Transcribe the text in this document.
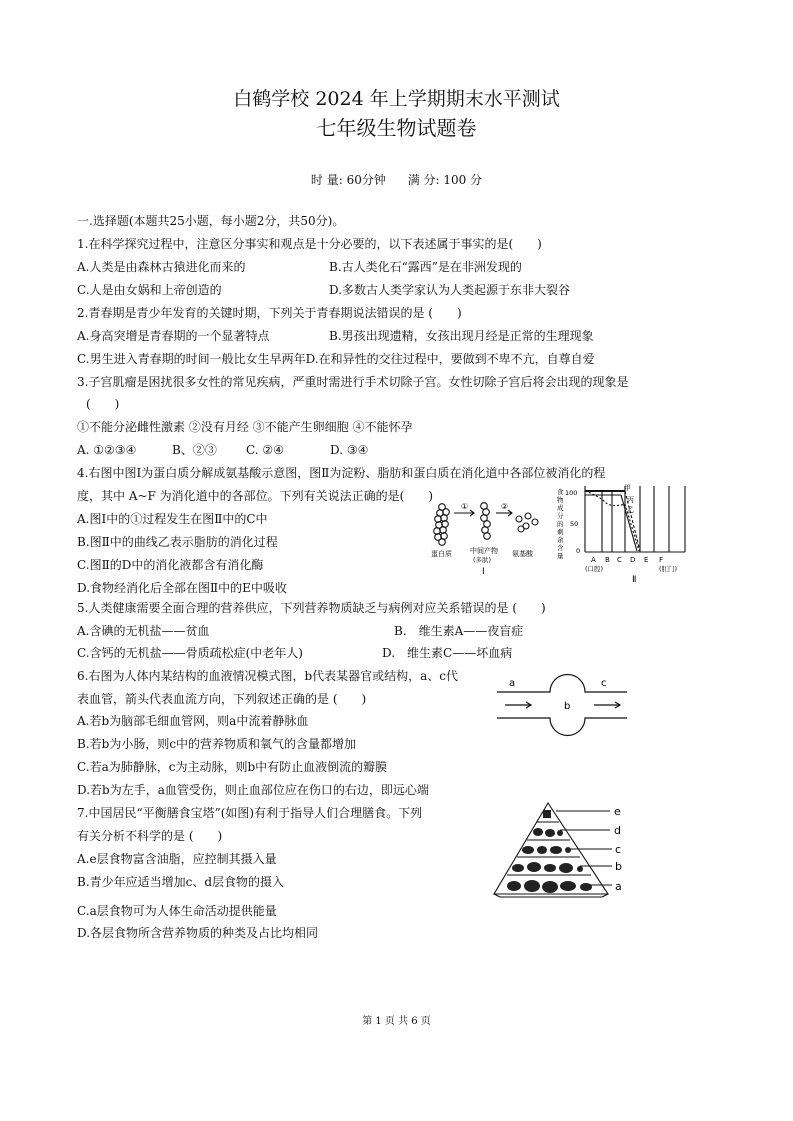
白鹤学校 2024 年上学期期末水平测试
七年级生物试题卷
时 量: 60分钟 满 分: 100 分
一.选择题(本题共25小题，每小题2分，共50分)。
1.在科学探究过程中，注意区分事实和观点是十分必要的，以下表述属于事实的是(　　)
A.人类是由森林古猿进化而来的	B.古人类化石“露西”是在非洲发现的
C.人是由女娲和上帝创造的	D.多数古人类学家认为人类起源于东非大裂谷
2.青春期是青少年发育的关键时期，下列关于青春期说法错误的是 (　　)
A.身高突增是青春期的一个显著特点	B.男孩出现遗精，女孩出现月经是正常的生理现象
C.男生进入青春期的时间一般比女生早两年D.在和异性的交往过程中，要做到不卑不亢，自尊自爱
3.子宫肌瘤是困扰很多女性的常见疾病，严重时需进行手术切除子宫。女性切除子宫后将会出现的现象是
(　　)
①不能分泌雌性激素 ②没有月经 ③不能产生卵细胞 ④不能怀孕
A. ①②③④	B、②③ C. ②④	D. ③④
4.右图中图Ⅰ为蛋白质分解成氨基酸示意图，图Ⅱ为淀粉、脂肪和蛋白质在消化道中各部位被消化的程
度，其中 A~F 为消化道中的各部位。下列有关说法正确的是(　　)
A.图Ⅰ中的①过程发生在图Ⅱ中的C中
B.图Ⅱ中的曲线乙表示脂肪的消化过程
C.图Ⅱ的D中的消化液都含有消化酶
D.食物经消化后全部在图Ⅱ中的E中吸收
①	②
蛋白质	中间产物
(多肽)
氨基酸
Ⅰ
食
物
成
分
的
剩
余
含
量
100
50
0
甲
乙
丙
A B C D E F
(口腔)	(肛门)
Ⅱ
5.人类健康需要全面合理的营养供应，下列营养物质缺乏与病例对应关系错误的是 (　　)
A.含碘的无机盐——贫血	B.　维生素A——夜盲症
C.含钙的无机盐——骨质疏松症(中老年人)	D.　维生素C——坏血病
6.右图为人体内某结构的血液情况模式图，b代表某器官或结构，a、c代
表血管，箭头代表血流方向，下列叙述正确的是 (　　)
A.若b为脑部毛细血管网，则a中流着静脉血
B.若b为小肠，则c中的营养物质和氧气的含量都增加
C.若a为肺静脉，c为主动脉，则b中有防止血液倒流的瓣膜
D.若b为左手，a血管受伤，则止血部位应在伤口的右边，即远心端
a
b
c
7.中国居民“平衡膳食宝塔”(如图)有利于指导人们合理膳食。下列
有关分析不科学的是 (　　)
A.e层食物富含油脂，应控制其摄入量
B.青少年应适当增加c、d层食物的摄入
C.a层食物可为人体生命活动提供能量
D.各层食物所含营养物质的种类及占比均相同
e
d
c
b
a
第 1 页 共 6 页
